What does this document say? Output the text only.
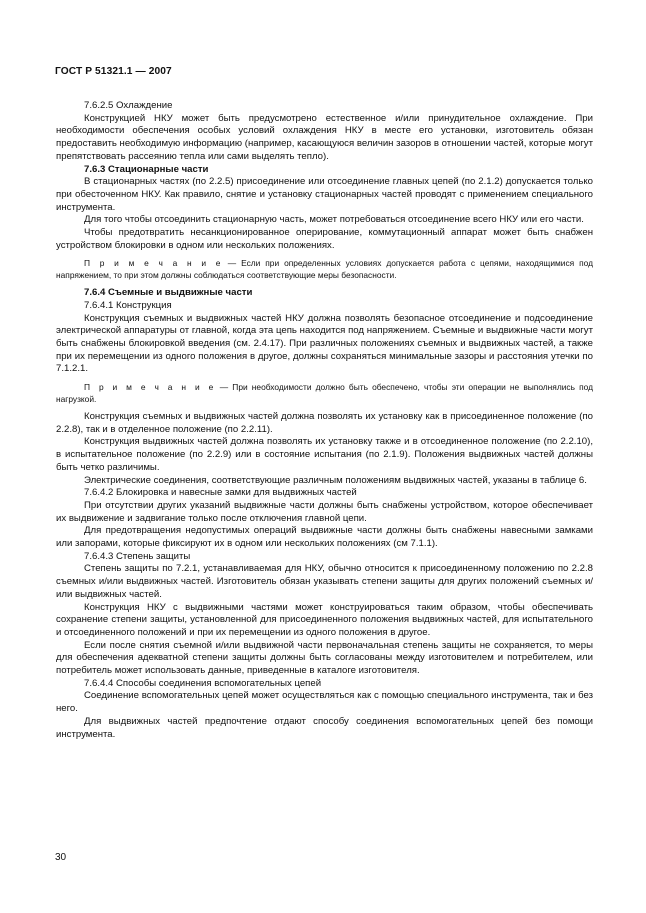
ГОСТ Р 51321.1 — 2007

7.6.2.5 Охлаждение

Конструкцией НКУ может быть предусмотрено естественное и/или принудительное охлаждение. При необходимости обеспечения особых условий охлаждения НКУ в месте его установки, изготовитель обязан предоставить необходимую информацию (например, касающуюся величин зазоров в отношении частей, которые могут препятствовать рассеянию тепла или сами выделять тепло).

7.6.3 Стационарные части

В стационарных частях (по 2.2.5) присоединение или отсоединение главных цепей (по 2.1.2) допускается только при обесточенном НКУ. Как правило, снятие и установку стационарных частей проводят с применением специального инструмента.

Для того чтобы отсоединить стационарную часть, может потребоваться отсоединение всего НКУ или его части.

Чтобы предотвратить несанкционированное оперирование, коммутационный аппарат может быть снабжен устройством блокировки в одном или нескольких положениях.

П р и м е ч а н и е — Если при определенных условиях допускается работа с цепями, находящимися под напряжением, то при этом должны соблюдаться соответствующие меры безопасности.

7.6.4 Съемные и выдвижные части

7.6.4.1 Конструкция

Конструкция съемных и выдвижных частей НКУ должна позволять безопасное отсоединение и подсоединение электрической аппаратуры от главной, когда эта цепь находится под напряжением. Съемные и выдвижные части могут быть снабжены блокировкой введения (см. 2.4.17). При различных положениях съемных и выдвижных частей, а также при их перемещении из одного положения в другое, должны сохраняться минимальные зазоры и расстояния утечки по 7.1.2.1.

П р и м е ч а н и е — При необходимости должно быть обеспечено, чтобы эти операции не выполнялись под нагрузкой.

Конструкция съемных и выдвижных частей должна позволять их установку как в присоединенное положение (по 2.2.8), так и в отделенное положение (по 2.2.11).

Конструкция выдвижных частей должна позволять их установку также и в отсоединенное положение (по 2.2.10), в испытательное положение (по 2.2.9) или в состояние испытания (по 2.1.9). Положения выдвижных частей должны быть четко различимы.

Электрические соединения, соответствующие различным положениям выдвижных частей, указаны в таблице 6.

7.6.4.2 Блокировка и навесные замки для выдвижных частей

При отсутствии других указаний выдвижные части должны быть снабжены устройством, которое обеспечивает их выдвижение и задвигание только после отключения главной цепи.

Для предотвращения недопустимых операций выдвижные части должны быть снабжены навесными замками или запорами, которые фиксируют их в одном или нескольких положениях (см 7.1.1).

7.6.4.3 Степень защиты

Степень защиты по 7.2.1, устанавливаемая для НКУ, обычно относится к присоединенному положению по 2.2.8 съемных и/или выдвижных частей. Изготовитель обязан указывать степени защиты для других положений съемных и/или выдвижных частей.

Конструкция НКУ с выдвижными частями может конструироваться таким образом, чтобы обеспечивать сохранение степени защиты, установленной для присоединенного положения выдвижных частей, для испытательного и отсоединенного положений и при их перемещении из одного положения в другое.

Если после снятия съемной и/или выдвижной части первоначальная степень защиты не сохраняется, то меры для обеспечения адекватной степени защиты должны быть согласованы между изготовителем и потребителем, или потребитель может использовать данные, приведенные в каталоге изготовителя.

7.6.4.4 Способы соединения вспомогательных цепей

Соединение вспомогательных цепей может осуществляться как с помощью специального инструмента, так и без него.

Для выдвижных частей предпочтение отдают способу соединения вспомогательных цепей без помощи инструмента.

30
